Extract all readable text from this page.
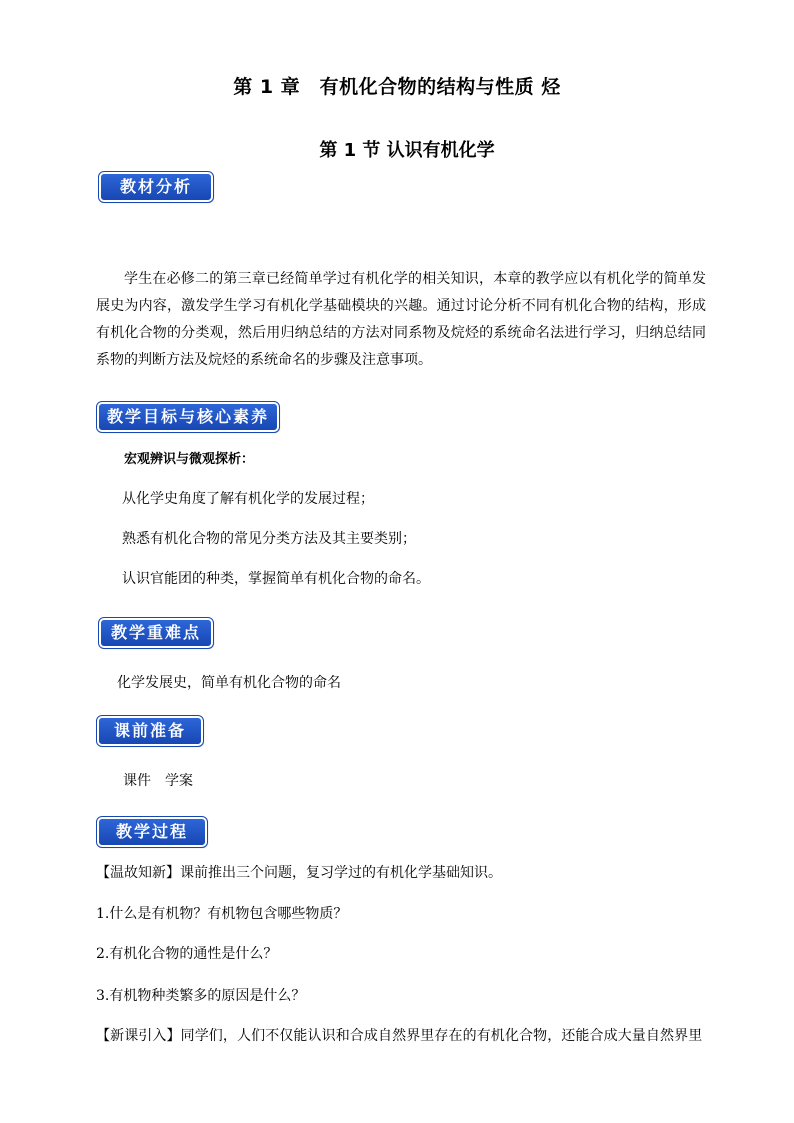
第 1 章　有机化合物的结构与性质 烃
第 1 节 认识有机化学
教材分析
学生在必修二的第三章已经简单学过有机化学的相关知识，本章的教学应以有机化学的简单发展史为内容，激发学生学习有机化学基础模块的兴趣。通过讨论分析不同有机化合物的结构，形成有机化合物的分类观，然后用归纳总结的方法对同系物及烷烃的系统命名法进行学习，归纳总结同系物的判断方法及烷烃的系统命名的步骤及注意事项。
教学目标与核心素养
宏观辨识与微观探析：
从化学史角度了解有机化学的发展过程；
熟悉有机化合物的常见分类方法及其主要类别；
认识官能团的种类，掌握简单有机化合物的命名。
教学重难点
化学发展史，简单有机化合物的命名
课前准备
课件　学案
教学过程
【温故知新】课前推出三个问题，复习学过的有机化学基础知识。
1.什么是有机物？有机物包含哪些物质？
2.有机化合物的通性是什么？
3.有机物种类繁多的原因是什么？
【新课引入】同学们，人们不仅能认识和合成自然界里存在的有机化合物，还能合成大量自然界里
